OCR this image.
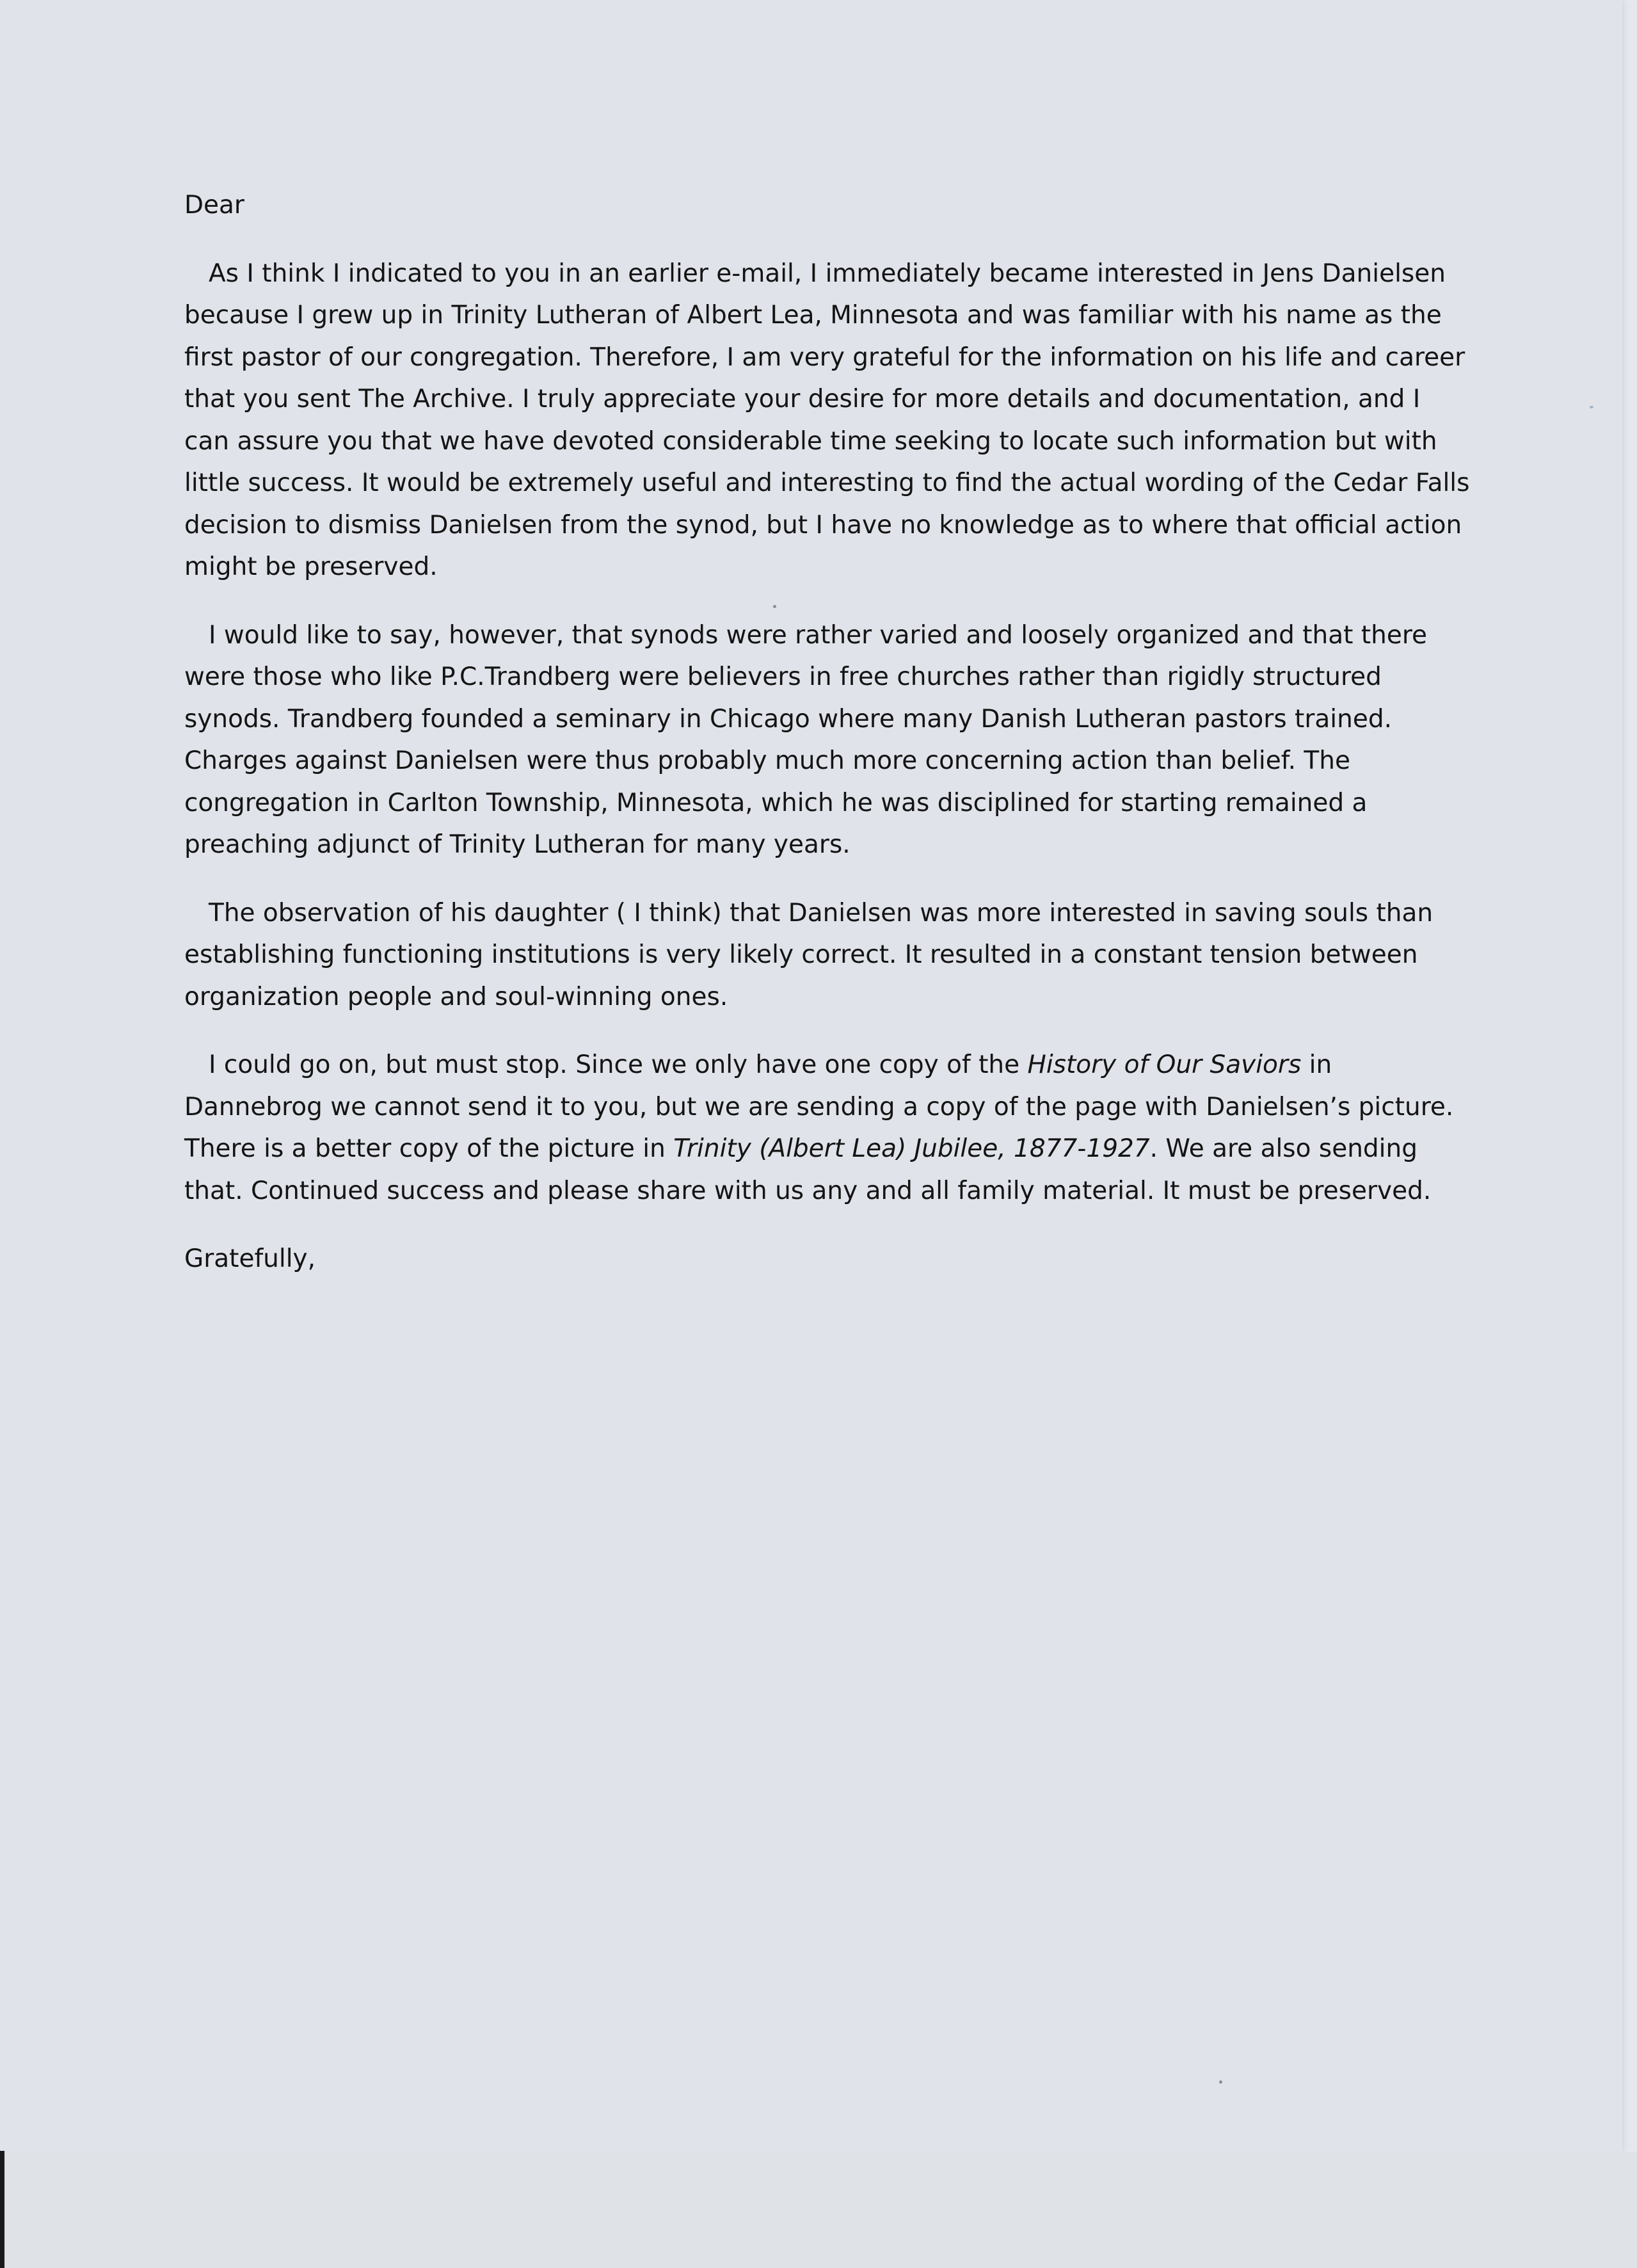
Dear

As I think I indicated to you in an earlier e-mail, I immediately became interested in Jens Danielsen because I grew up in Trinity Lutheran of Albert Lea, Minnesota and was familiar with his name as the first pastor of our congregation. Therefore, I am very grateful for the information on his life and career that you sent The Archive. I truly appreciate your desire for more details and documentation, and I can assure you that we have devoted considerable time seeking to locate such information but with little success. It would be extremely useful and interesting to find the actual wording of the Cedar Falls decision to dismiss Danielsen from the synod, but I have no knowledge as to where that official action might be preserved.

I would like to say, however, that synods were rather varied and loosely organized and that there were those who like P.C.Trandberg were believers in free churches rather than rigidly structured synods. Trandberg founded a seminary in Chicago where many Danish Lutheran pastors trained. Charges against Danielsen were thus probably much more concerning action than belief. The congregation in Carlton Township, Minnesota, which he was disciplined for starting remained a preaching adjunct of Trinity Lutheran for many years.

The observation of his daughter ( I think) that Danielsen was more interested in saving souls than establishing functioning institutions is very likely correct. It resulted in a constant tension between organization people and soul-winning ones.

I could go on, but must stop. Since we only have one copy of the History of Our Saviors in Dannebrog we cannot send it to you, but we are sending a copy of the page with Danielsen’s picture. There is a better copy of the picture in Trinity (Albert Lea) Jubilee, 1877-1927. We are also sending that. Continued success and please share with us any and all family material. It must be preserved.

Gratefully,
